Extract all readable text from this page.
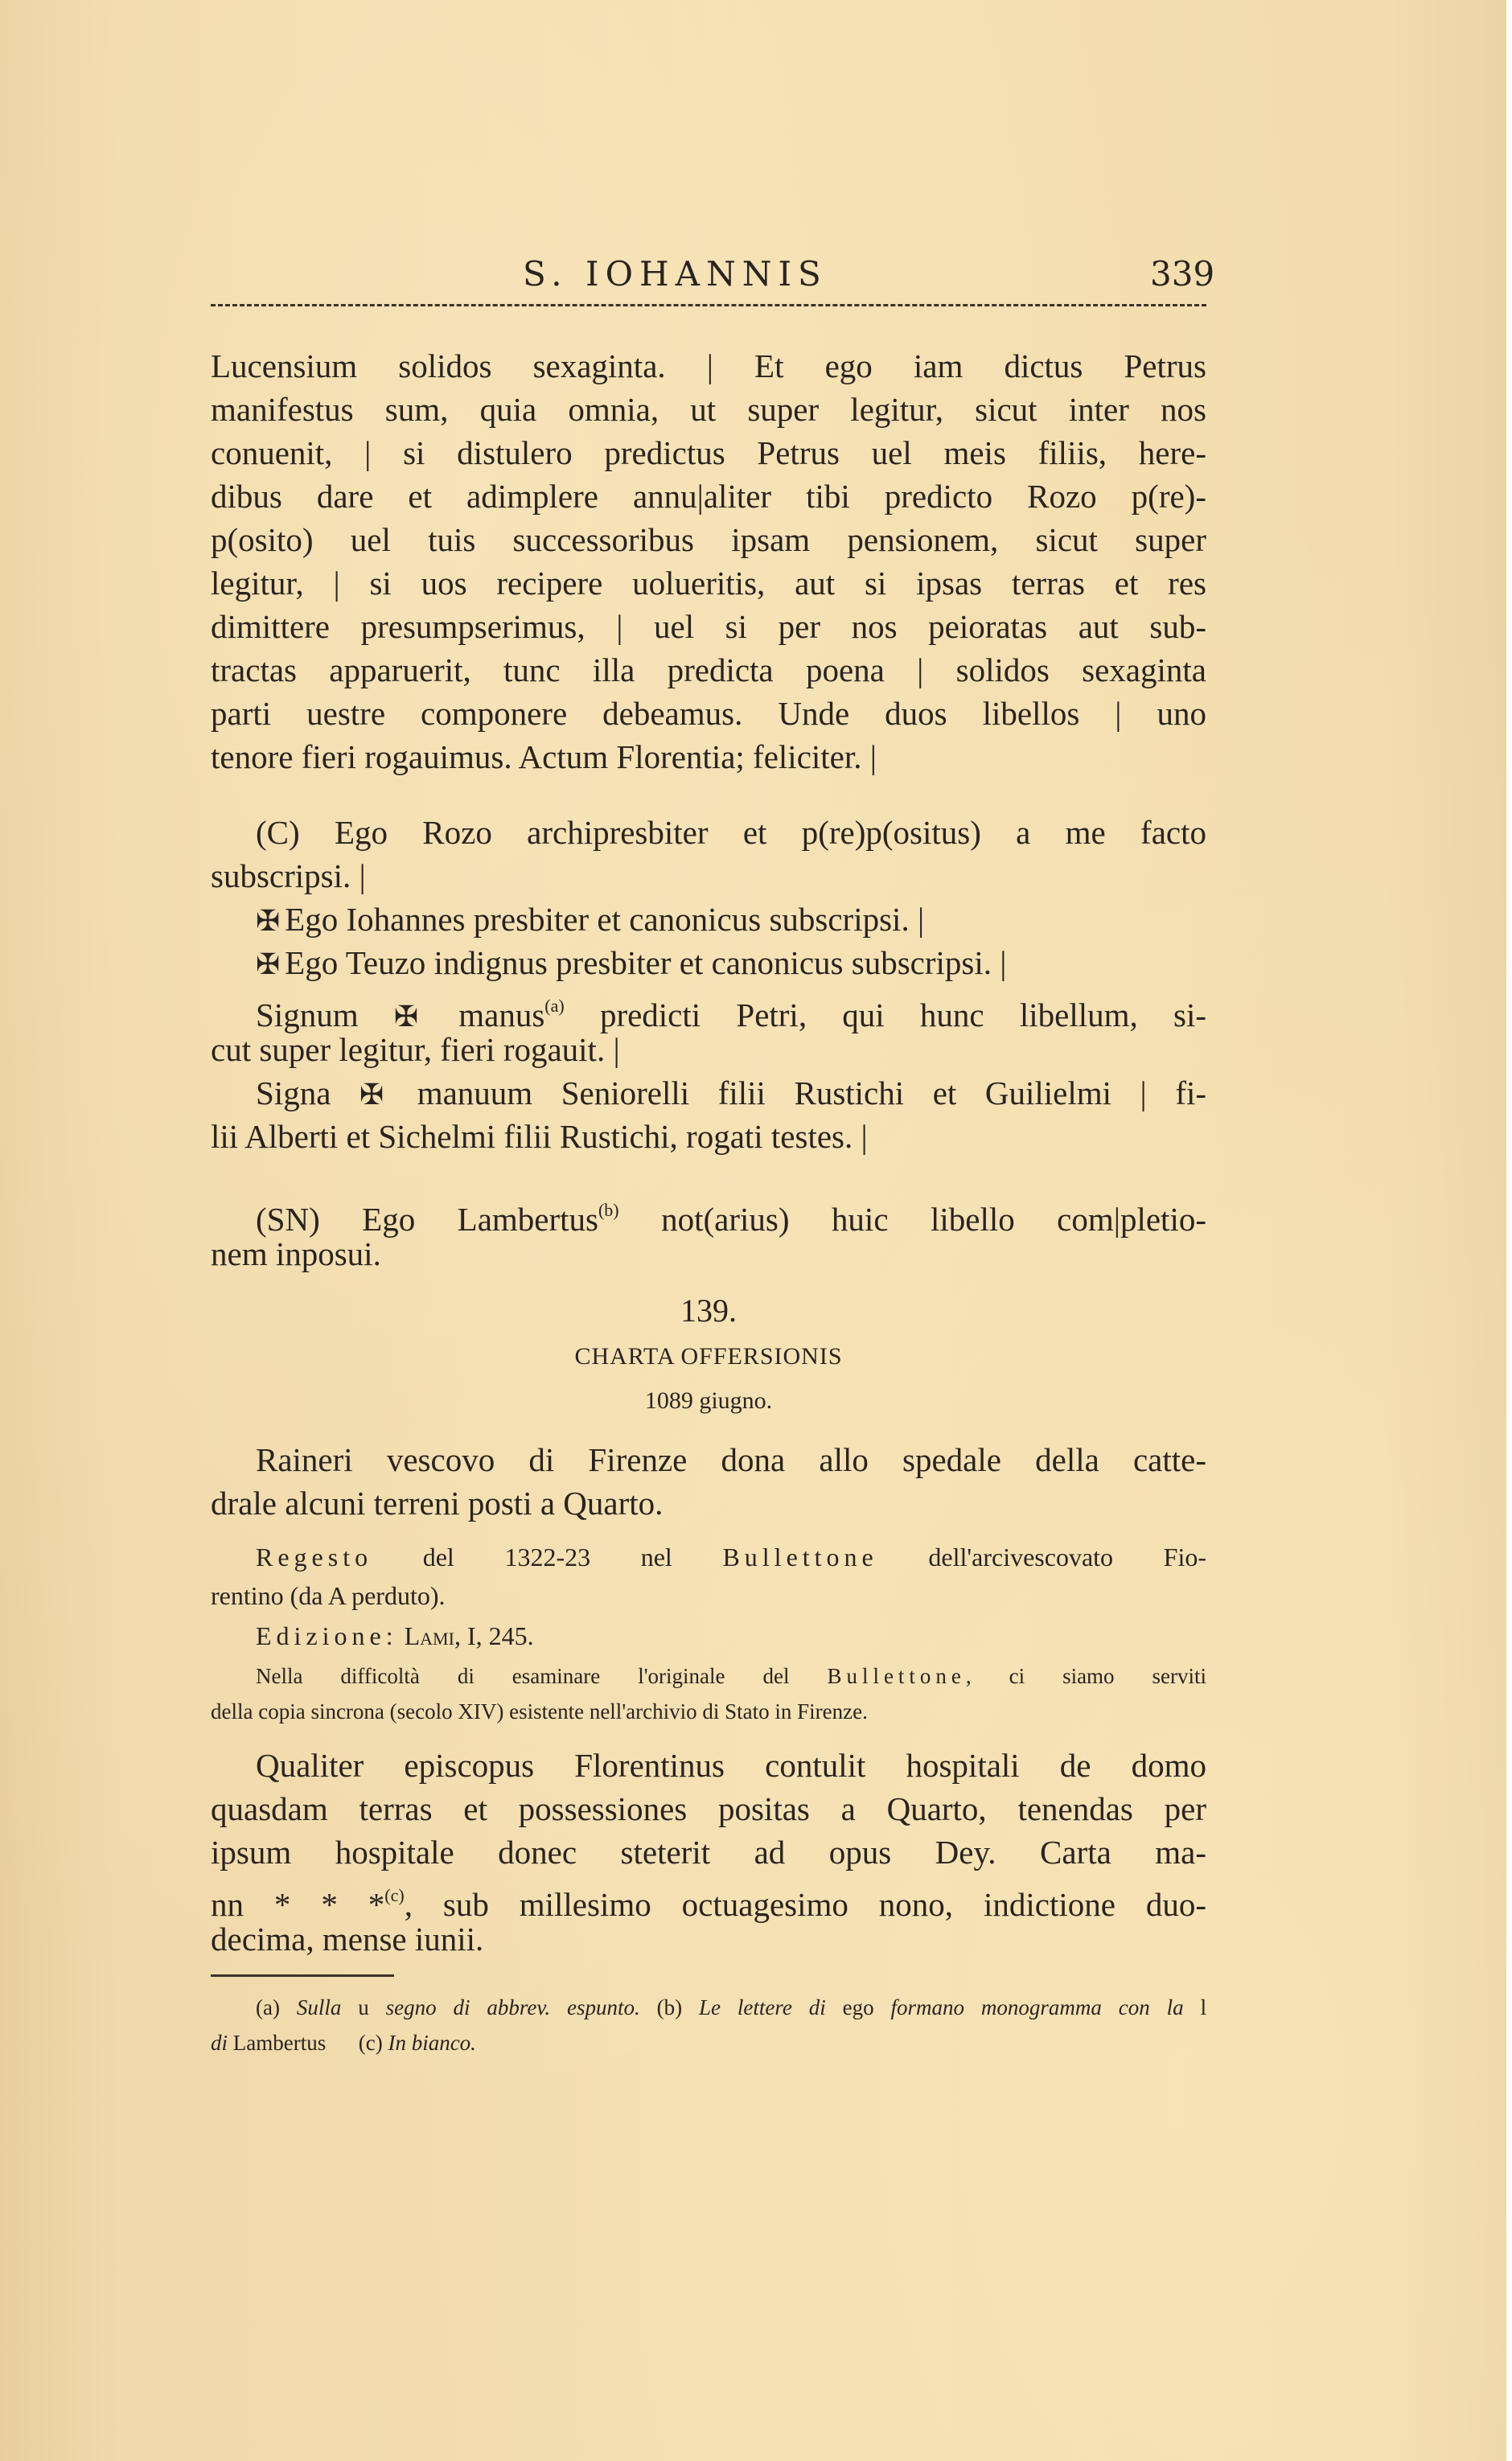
S. IOHANNIS	339
Lucensium solidos sexaginta. | Et ego iam dictus Petrus
manifestus sum, quia omnia, ut super legitur, sicut inter nos
conuenit, | si distulero predictus Petrus uel meis filiis, here-
dibus dare et adimplere annu|aliter tibi predicto Rozo p(re)-
p(osito) uel tuis successoribus ipsam pensionem, sicut super
legitur, | si uos recipere uolueritis, aut si ipsas terras et res
dimittere presumpserimus, | uel si per nos peioratas aut sub-
tractas apparuerit, tunc illa predicta poena | solidos sexaginta
parti uestre componere debeamus. Unde duos libellos | uno
tenore fieri rogauimus. Actum Florentia; feliciter. |
(C) Ego Rozo archipresbiter et p(re)p(ositus) a me facto
subscripsi. |
✠ Ego Iohannes presbiter et canonicus subscripsi. |
✠ Ego Teuzo indignus presbiter et canonicus subscripsi. |
Signum ✠ manus$^{(a)}$ predicti Petri, qui hunc libellum, si-
cut super legitur, fieri rogauit. |
Signa ✠ manuum Seniorelli filii Rustichi et Guilielmi | fi-
lii Alberti et Sichelmi filii Rustichi, rogati testes. |
(SN) Ego Lambertus$^{(b)}$ not(arius) huic libello com|pletio-
nem inposui.
139.
CHARTA OFFERSIONIS
1089 giugno.
Raineri vescovo di Firenze dona allo spedale della catte-
drale alcuni terreni posti a Quarto.
Regesto del 1322-23 nel Bullettone dell'arcivescovato Fio-
rentino (da A perduto).
Edizione: Lami, I, 245.
Nella difficoltà di esaminare l'originale del Bullettone, ci siamo serviti
della copia sincrona (secolo XIV) esistente nell'archivio di Stato in Firenze.
Qualiter episcopus Florentinus contulit hospitali de domo
quasdam terras et possessiones positas a Quarto, tenendas per
ipsum hospitale donec steterit ad opus Dey. Carta ma-
nn * * *$^{(c)}$, sub millesimo octuagesimo nono, indictione duo-
decima, mense iunii.
(a) Sulla u segno di abbrev. espunto. (b) Le lettere di ego formano monogramma con la l
di Lambertus (c) In bianco.
